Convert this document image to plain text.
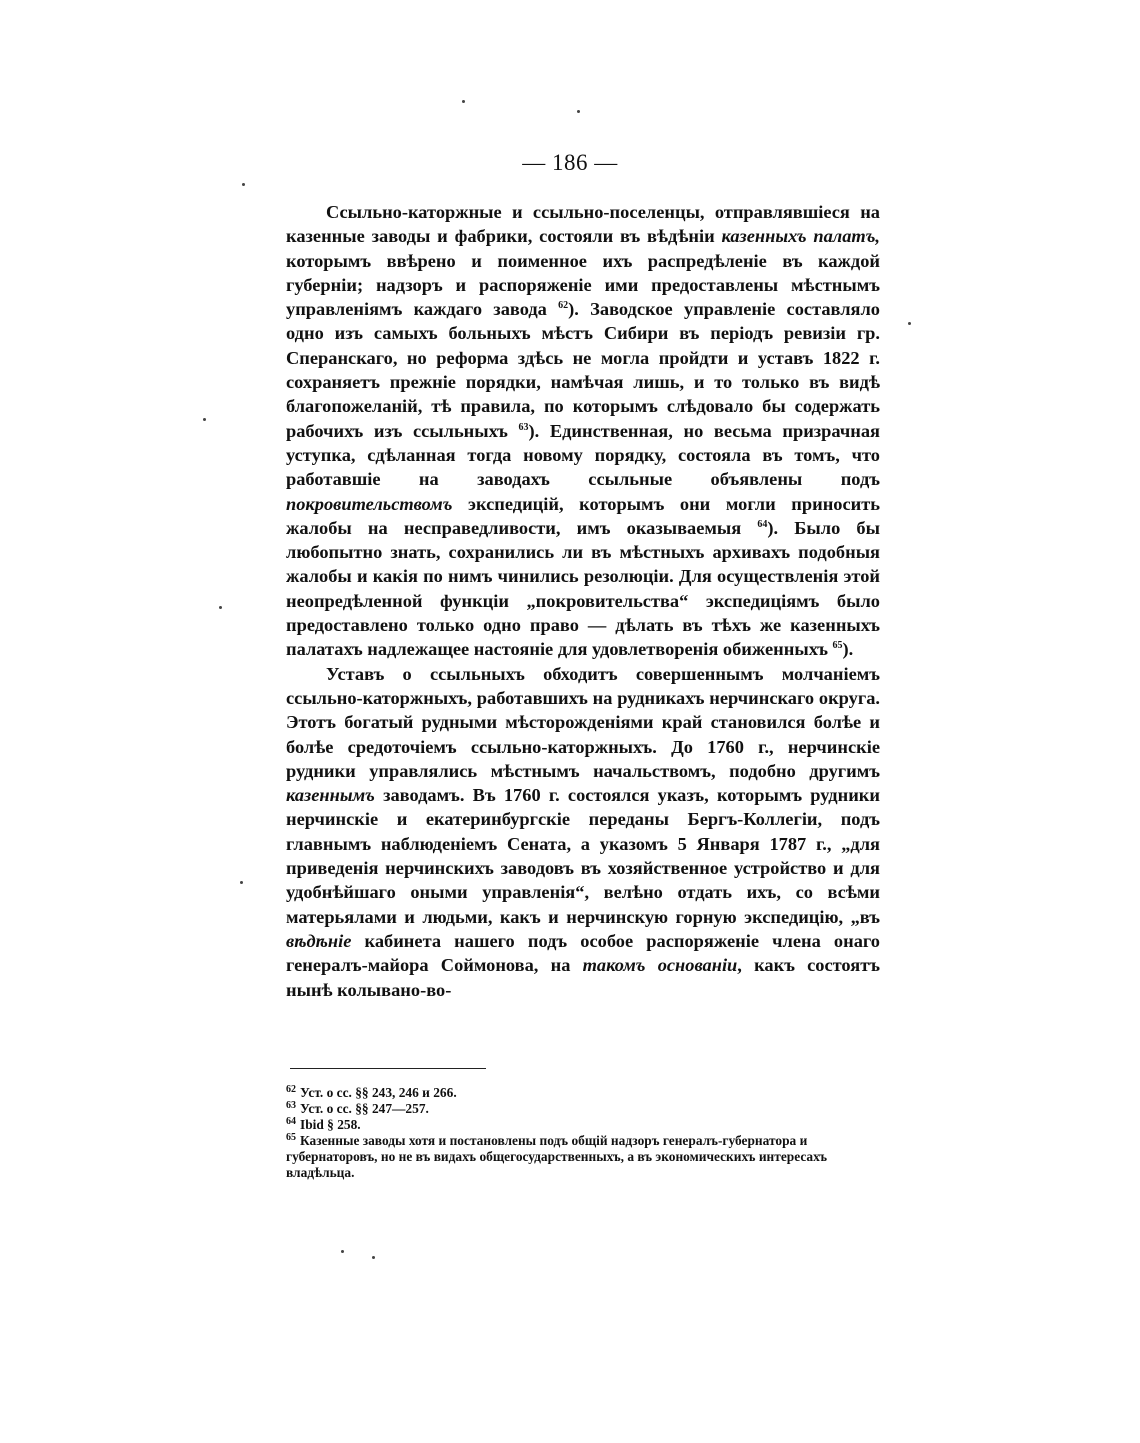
— 186 —

Ссыльно-каторжные и ссыльно-поселенцы, отправлявшiеся на казенные заводы и фабрики, состояли въ вѣдѣнiи казенныхъ палатъ, которымъ ввѣрено и поименное ихъ распредѣленiе въ каждой губернiи; надзоръ и распоряженiе ими предоставлены мѣстнымъ управленiямъ каждаго завода $^{62}$). Заводское управленiе составляло одно изъ самыхъ больныхъ мѣстъ Сибири въ перiодъ ревизiи гр. Сперанскаго, но реформа здѣсь не могла пройдти и уставъ 1822 г. сохраняетъ прежнiе порядки, намѣчая лишь, и то только въ видѣ благопожеланiй, тѣ правила, по которымъ слѣдовало бы содержать рабочихъ изъ ссыльныхъ $^{63}$). Единственная, но весьма призрачная уступка, сдѣланная тогда новому порядку, состояла въ томъ, что работавшiе на заводахъ ссыльные объявлены подъ покровительствомъ экспедицiй, которымъ они могли приносить жалобы на несправедливости, имъ оказываемыя $^{64}$). Было бы любопытно знать, сохранились ли въ мѣстныхъ архивахъ подобныя жалобы и какiя по нимъ чинились резолюцiи. Для осуществленiя этой неопредѣленной функцiи „покровительства“ экспедицiямъ было предоставлено только одно право — дѣлать въ тѣхъ же казенныхъ палатахъ надлежащее настоянiе для удовлетворенiя обиженныхъ $^{65}$).

Уставъ о ссыльныхъ обходитъ совершеннымъ молчанiемъ ссыльно-каторжныхъ, работавшихъ на рудникахъ нерчинскаго округа. Этотъ богатый рудными мѣсторожденiями край становился болѣе и болѣе средоточiемъ ссыльно-каторжныхъ. До 1760 г., нерчинскiе рудники управлялись мѣстнымъ начальствомъ, подобно другимъ казеннымъ заводамъ. Въ 1760 г. состоялся указъ, которымъ рудники нерчинскiе и екатеринбургскiе переданы Бергъ-Коллегiи, подъ главнымъ наблюденiемъ Сената, а указомъ 5 Января 1787 г., „для приведенiя нерчинскихъ заводовъ въ хозяйственное устройство и для удобнѣйшаго оными управленiя“, велѣно отдать ихъ, со всѣми матерьялами и людьми, какъ и нерчинскую горную экспедицiю, „въ вѣдѣнiе кабинета нашего подъ особое распоряженiе члена онаго генералъ-майора Соймонова, на такомъ основанiи, какъ состоятъ нынѣ колывано-во-

$^{62}$ Уст. о сс. §§ 243, 246 и 266.
$^{63}$ Уст. о сс. §§ 247—257.
$^{64}$ Ibid § 258.
$^{65}$ Казенные заводы хотя и постановлены подъ общiй надзоръ генералъ-губернатора и губернаторовъ, но не въ видахъ общегосударственныхъ, а въ экономическихъ интересахъ владѣльца.
